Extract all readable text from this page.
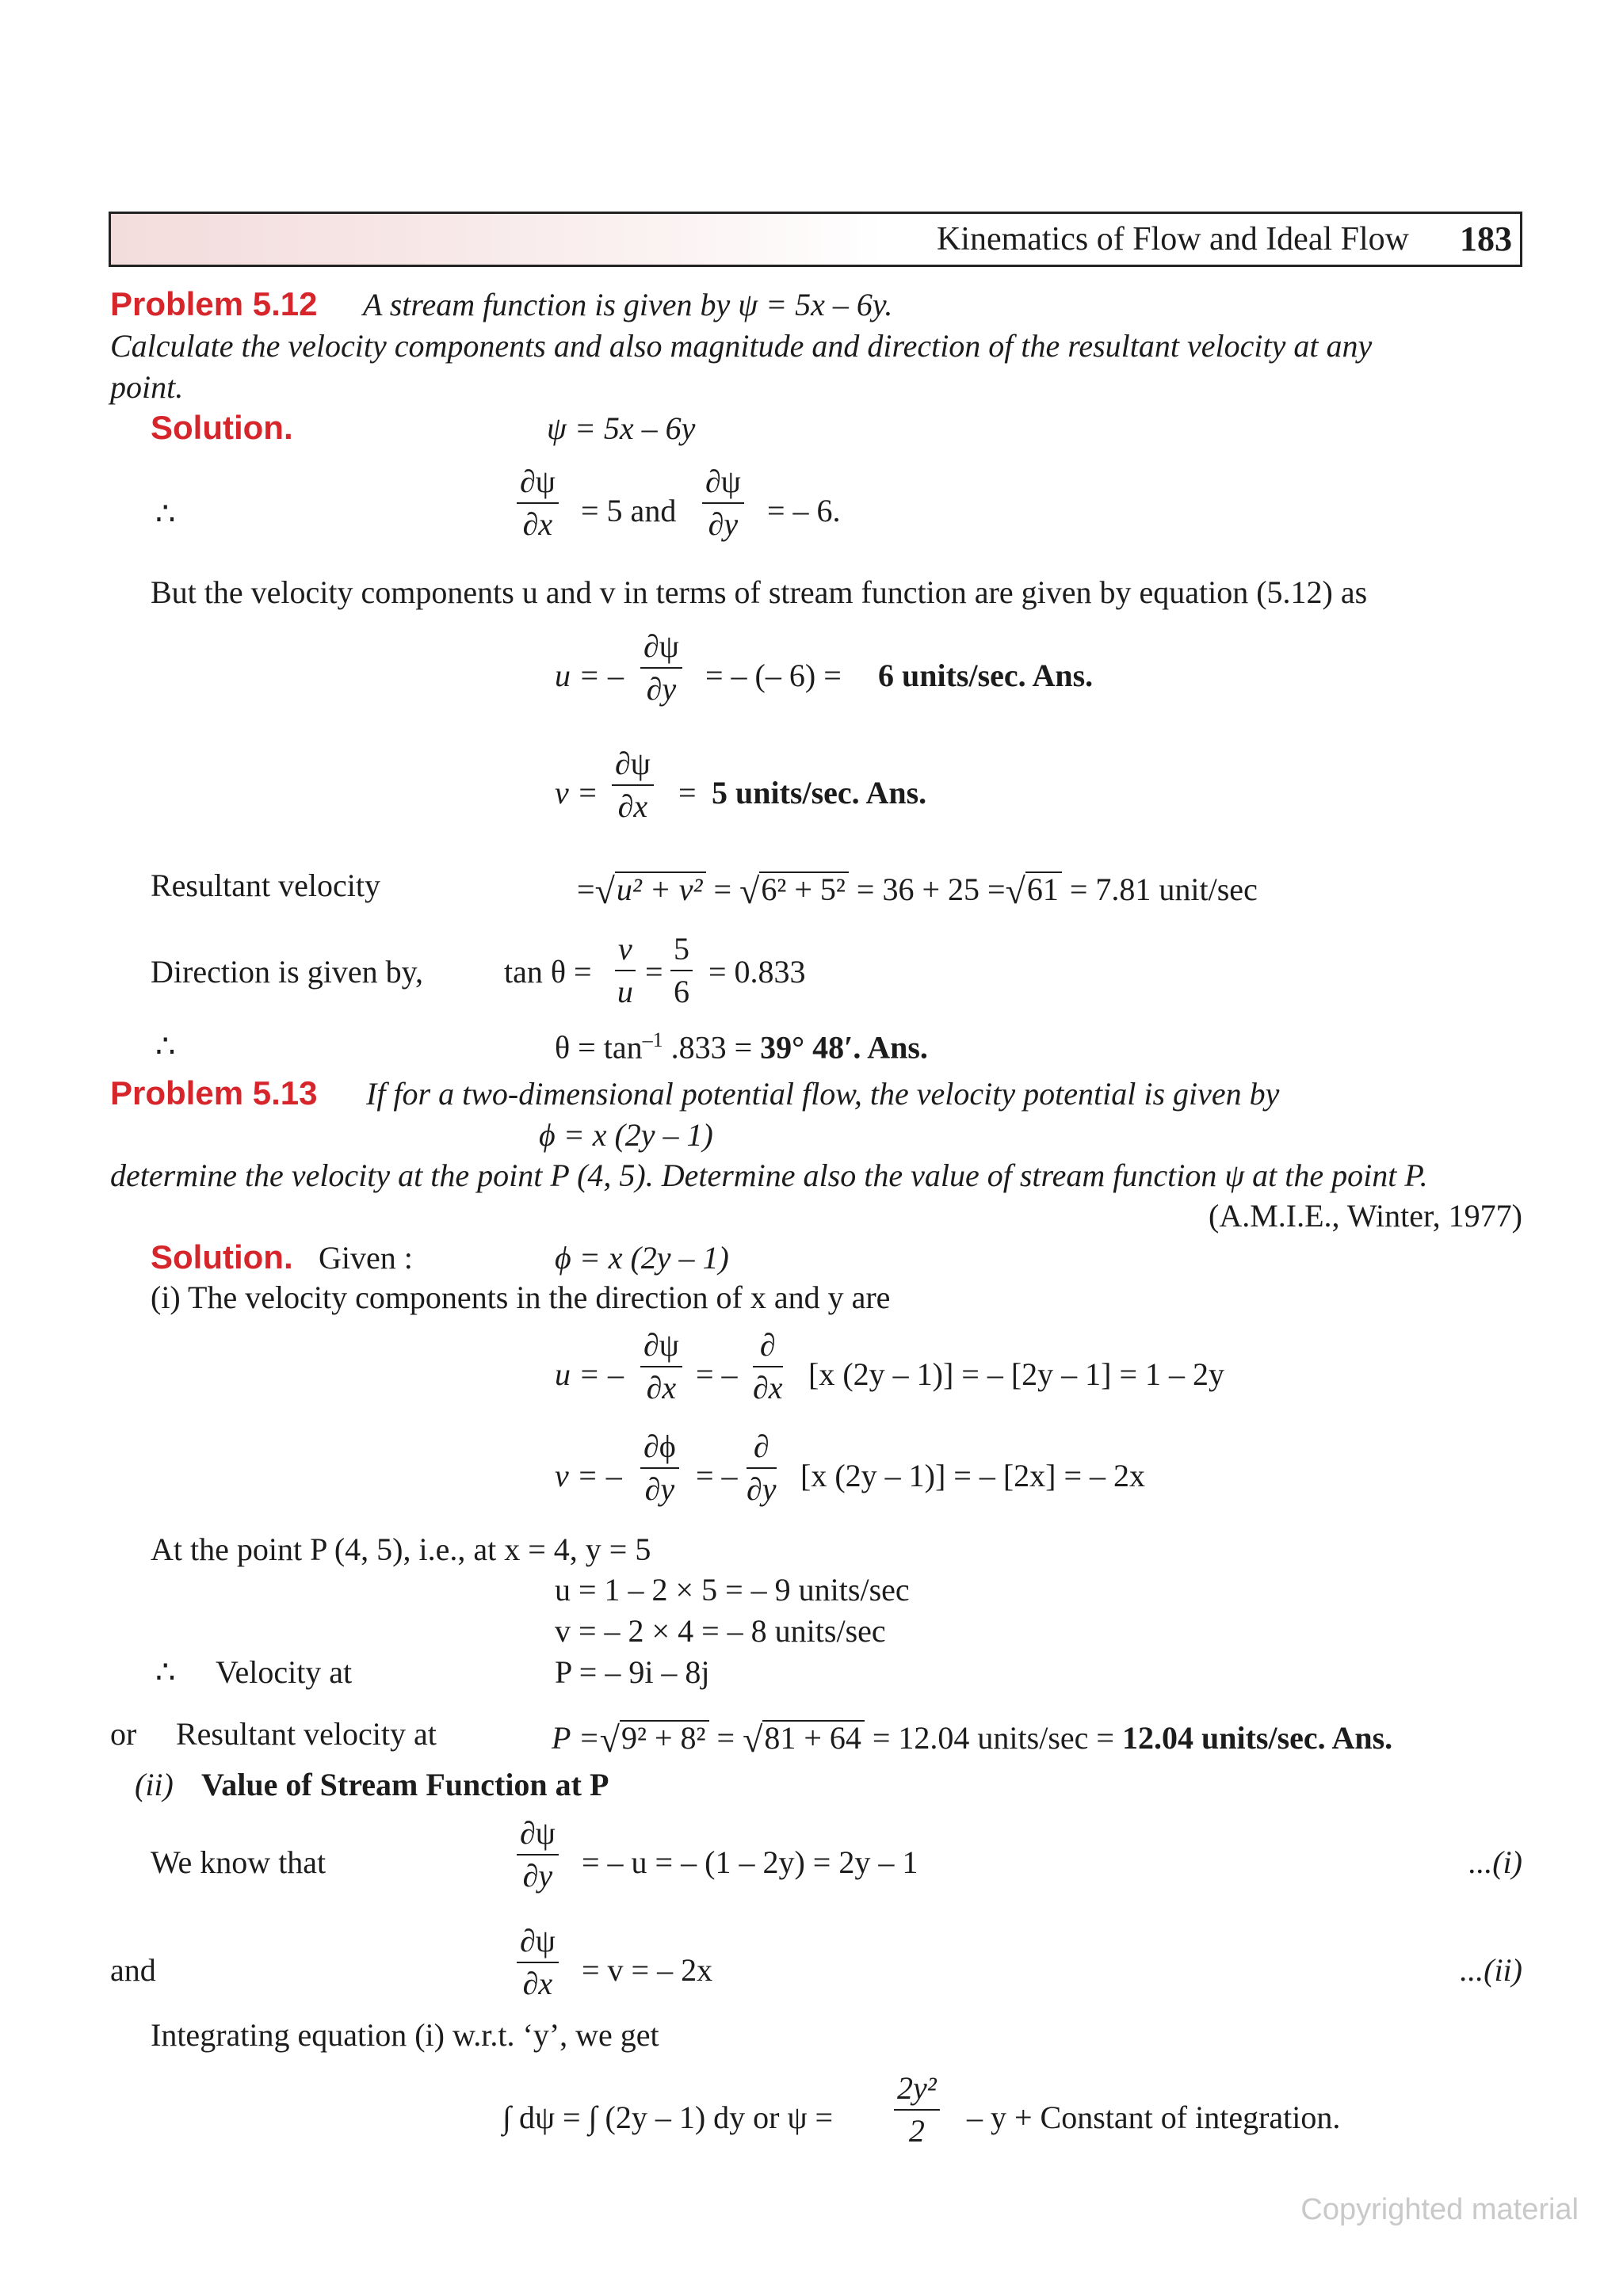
Kinematics of Flow and Ideal Flow 183
Problem 5.12 A stream function is given by ψ = 5x – 6y.
Calculate the velocity components and also magnitude and direction of the resultant velocity at any
point.
Solution.	ψ = 5x – 6y
∴	$\frac{\partial\psi}{\partial x} = 5$ and $\frac{\partial\psi}{\partial y}$ = – 6.
But the velocity components u and v in terms of stream function are given by equation (5.12) as
u = – $\frac{\partial\psi}{\partial y}$ = – (– 6) = 6 units/sec. Ans.
$v = \frac{\partial\psi}{\partial x} = 5$ units/sec. Ans.
Resultant velocity	=√u² + v² = √6² + 5² = 36 + 25 =√61 = 7.81 unit/sec
Direction is given by,	$\tan \theta = \frac{v}{u} = \frac{5}{6} = 0.833$
∴	$\theta = \tan^{-1} .833 = 39^\circ$ 48′. Ans.
Problem 5.13 If for a two-dimensional potential flow, the velocity potential is given by
ϕ = x (2y – 1)
determine the velocity at the point P (4, 5). Determine also the value of stream function ψ at the point P.
(A.M.I.E., Winter, 1977)
Solution. Given :	ϕ = x (2y – 1)
(i) The velocity components in the direction of x and y are
u = – $\frac{\partial\psi}{\partial x}$ = –
∂
∂x [x (2y – 1)] = – [2y – 1] = 1 – 2y
v = – $\frac{\partial\phi}{\partial y}$ = –
∂
∂y [x (2y – 1)] = – [2x] = – 2x
At the point P (4, 5), i.e., at x = 4, y = 5
u = 1 – 2 × 5 = – 9 units/sec
v = – 2 × 4 = – 8 units/sec
∴ Velocity at	P = – 9i – 8j
or Resultant velocity at	P =√9² + 8² = √81 + 64 = 12.04 units/sec = 12.04 units/sec. Ans.
(ii) Value of Stream Function at P
We know that	$\frac{\partial\psi}{\partial y}$ = – u = – (1 – 2y) = 2y – 1	...(i)
and	$\frac{\partial\psi}{\partial x} = v$ = – 2x	...(ii)
Integrating equation (i) w.r.t. ‘y’, we get
∫ dψ = ∫ (2y – 1) dy or $\psi = \frac{\text{2y²}}{2} - y$ + Constant of integration.
Copyrighted material
